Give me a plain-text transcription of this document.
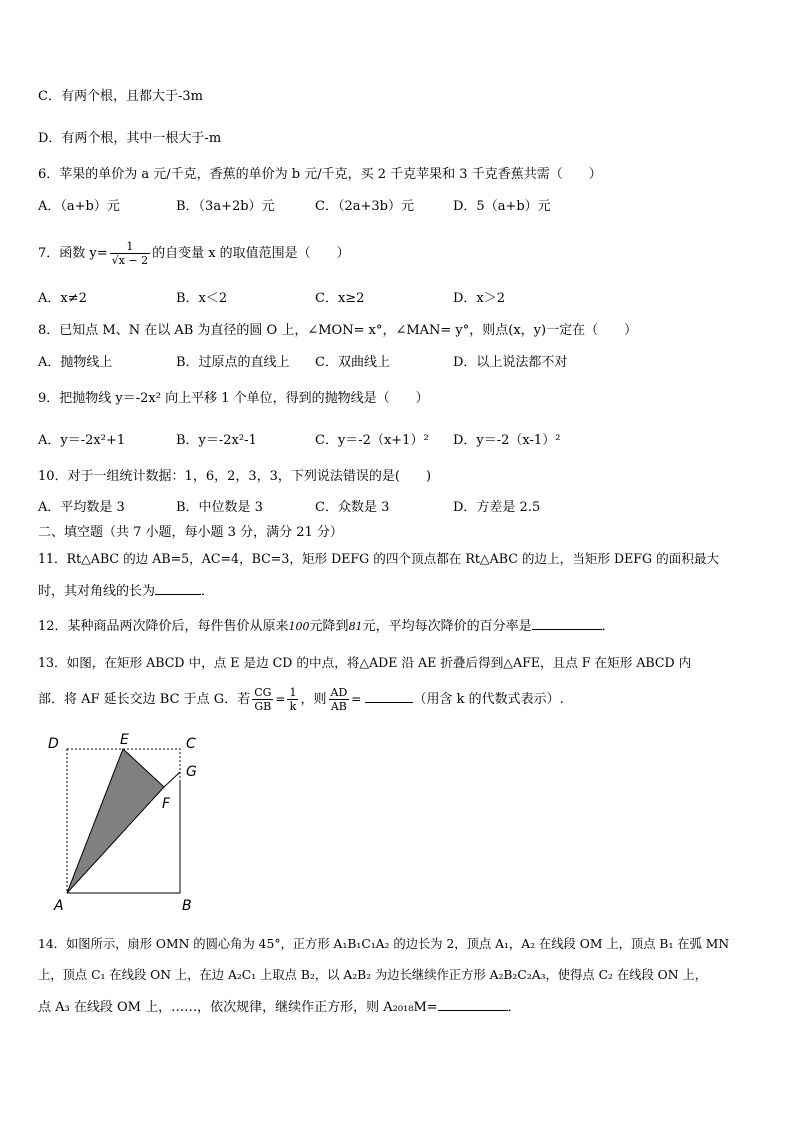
C．有两个根，且都大于-3m
D．有两个根，其中一根大于-m
6．苹果的单价为 a 元/千克，香蕉的单价为 b 元/千克，买 2 千克苹果和 3 千克香蕉共需（　　）
A．（a+b）元	B．（3a+2b）元	C．（2a+3b）元	D．5（a+b）元
7．函数 $y= \frac{1}{√x - 2}$ 的自变量 x 的取值范围是（　　）
A．x≠2	B．x＜2	C．x≥2	D．x＞2
8．已知点 M、N 在以 AB 为直径的圆 O 上，∠MON= x°，∠MAN= y°，则点(x，y)一定在（　　）
A．抛物线上	B．过原点的直线上 C．双曲线上	D．以上说法都不对
9．把抛物线 y＝-2x² 向上平移 1 个单位，得到的抛物线是（　　）
A．y＝-2x²+1	B．y＝-2x²-1	C．y＝-2（x+1）² D．y＝-2（x-1）²
10．对于一组统计数据：1，6，2，3，3，下列说法错误的是(　　)
A．平均数是 3	B．中位数是 3	C．众数是 3	D．方差是 2.5
二、填空题（共 7 小题，每小题 3 分，满分 21 分）
11．Rt△ABC 的边 AB=5，AC=4，BC=3，矩形 DEFG 的四个顶点都在 Rt△ABC 的边上，当矩形 DEFG 的面积最大
时，其对角线的长为	．
12．某种商品两次降价后，每件售价从原来100元降到81元，平均每次降价的百分率是	．
13．如图，在矩形 ABCD 中，点 E 是边 CD 的中点，将△ADE 沿 AE 折叠后得到△AFE，且点 F 在矩形 ABCD 内
部．将 AF 延长交边 BC 于点 G．若 $\frac{CG}{GB} = \frac{1}{k}$ ，则 $\frac{AD}{AB}$ =	（用含 k 的代数式表示）.
D	E	C
G
F
A	B
14．如图所示，扇形 OMN 的圆心角为 45°，正方形 A₁B₁C₁A₂ 的边长为 2，顶点 A₁，A₂ 在线段 OM 上，顶点 B₁ 在弧 MN
上，顶点 C₁ 在线段 ON 上，在边 A₂C₁ 上取点 B₂，以 A₂B₂ 为边长继续作正方形 A₂B₂C₂A₃，使得点 C₂ 在线段 ON 上，
点 A₃ 在线段 OM 上，……，依次规律，继续作正方形，则 A₂₀₁₈M=	．
